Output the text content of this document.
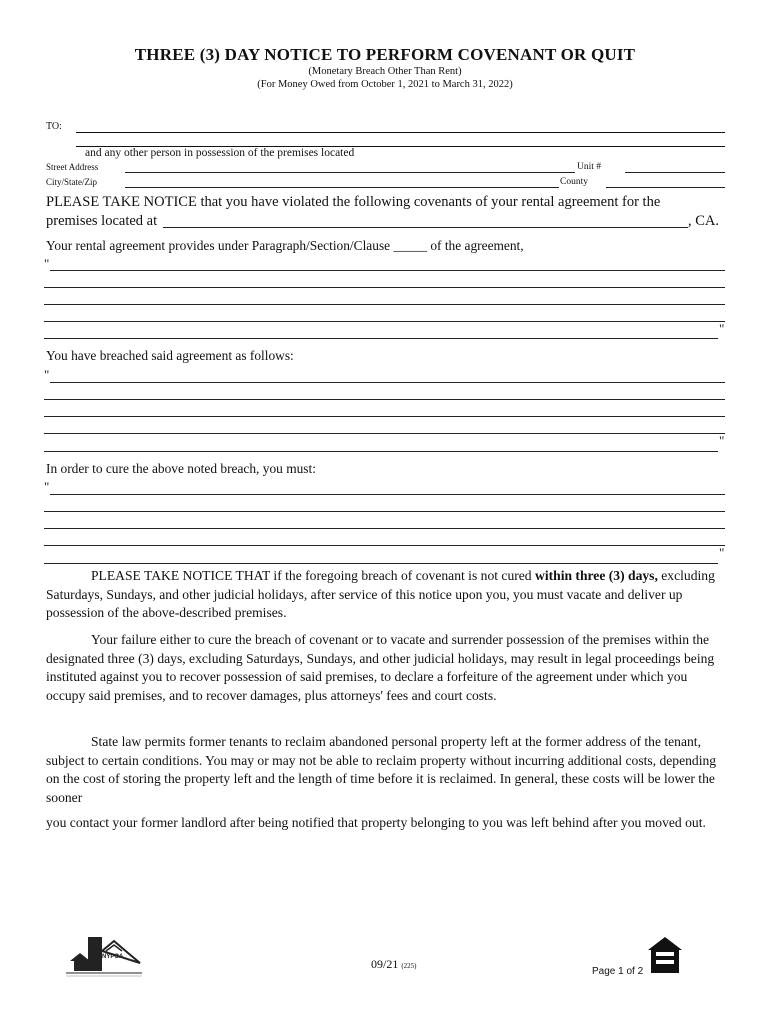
THREE (3) DAY NOTICE TO PERFORM COVENANT OR QUIT
(Monetary Breach Other Than Rent)
(For Money Owed from October 1, 2021 to March 31, 2022)
TO:
and any other person in possession of the premises located
Street Address	Unit #
City/State/Zip	County
PLEASE TAKE NOTICE that you have violated the following covenants of your rental agreement for the
premises located at	, CA.
Your rental agreement provides under Paragraph/Section/Clause _____ of the agreement,
"
"
You have breached said agreement as follows:
"
"
In order to cure the above noted breach, you must:
"
"
PLEASE TAKE NOTICE THAT if the foregoing breach of covenant is not cured within three (3) days, excluding Saturdays, Sundays, and other judicial holidays, after service of this notice upon you, you must vacate and deliver up possession of the above-described premises.
Your failure either to cure the breach of covenant or to vacate and surrender possession of the premises within the designated three (3) days, excluding Saturdays, Sundays, and other judicial holidays, may result in legal proceedings being instituted against you to recover possession of said premises, to declare a forfeiture of the agreement under which you occupy said premises, and to recover damages, plus attorneys' fees and court costs.
State law permits former tenants to reclaim abandoned personal property left at the former address of the tenant, subject to certain conditions. You may or may not be able to reclaim property without incurring additional costs, depending on the cost of storing the property left and the length of time before it is reclaimed. In general, these costs will be lower the sooner
you contact your former landlord after being notified that property belonging to you was left behind after you moved out.
NYPOA	09/21 (225)	Page 1 of 2
